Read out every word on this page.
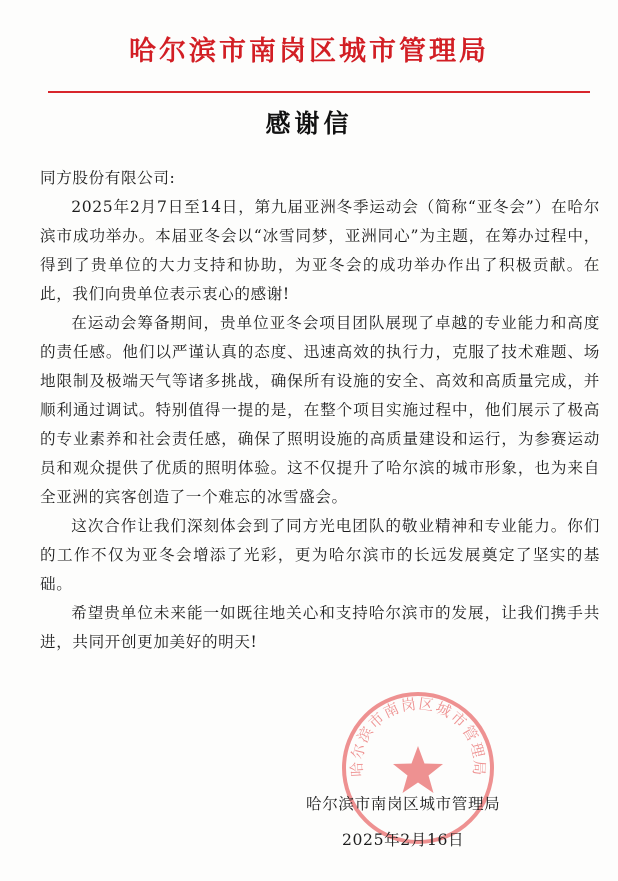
哈尔滨市南岗区城市管理局
感谢信

同方股份有限公司:

2025年2月7日至14日，第九届亚洲冬季运动会（简称“亚冬会”）在哈尔滨市成功举办。本届亚冬会以“冰雪同梦，亚洲同心”为主题，在筹办过程中，得到了贵单位的大力支持和协助，为亚冬会的成功举办作出了积极贡献。在此，我们向贵单位表示衷心的感谢!

在运动会筹备期间，贵单位亚冬会项目团队展现了卓越的专业能力和高度的责任感。他们以严谨认真的态度、迅速高效的执行力，克服了技术难题、场地限制及极端天气等诸多挑战，确保所有设施的安全、高效和高质量完成，并顺利通过调试。特别值得一提的是，在整个项目实施过程中，他们展示了极高的专业素养和社会责任感，确保了照明设施的高质量建设和运行，为参赛运动员和观众提供了优质的照明体验。这不仅提升了哈尔滨的城市形象，也为来自全亚洲的宾客创造了一个难忘的冰雪盛会。

这次合作让我们深刻体会到了同方光电团队的敬业精神和专业能力。你们的工作不仅为亚冬会增添了光彩，更为哈尔滨市的长远发展奠定了坚实的基础。

希望贵单位未来能一如既往地关心和支持哈尔滨市的发展，让我们携手共进，共同开创更加美好的明天!

哈尔滨市南岗区城市管理局
哈尔滨市南岗区城市管理局
2025年2月16日
